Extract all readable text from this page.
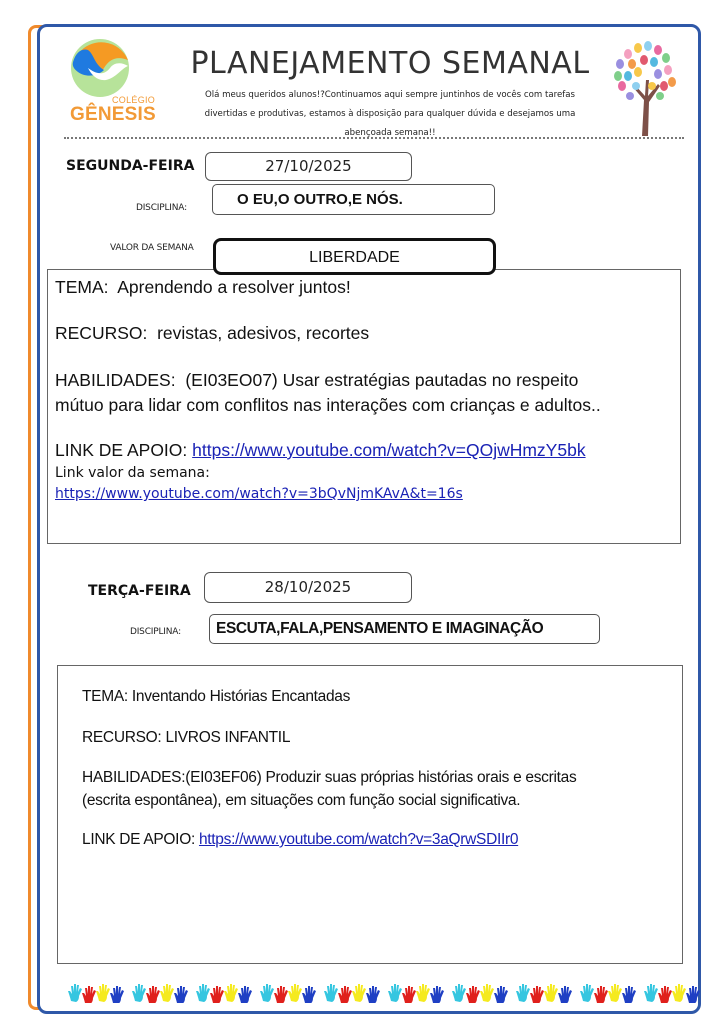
COLÉGIO
GÊNESIS
PLANEJAMENTO SEMANAL
Olá meus queridos alunos!?Continuamos aqui sempre juntinhos de vocês com tarefas
divertidas e produtivas, estamos à disposição para qualquer dúvida e desejamos uma
abençoada semana!!
SEGUNDA-FEIRA	27/10/2025
DISCIPLINA:	O EU,O OUTRO,E NÓS.
VALOR DA SEMANA
LIBERDADE
TEMA: Aprendendo a resolver juntos!
RECURSO: revistas, adesivos, recortes
HABILIDADES: (EI03EO07) Usar estratégias pautadas no respeito
mútuo para lidar com conflitos nas interações com crianças e adultos..
LINK DE APOIO: https://www.youtube.com/watch?v=QOjwHmzY5bk
Link valor da semana:
https://www.youtube.com/watch?v=3bQvNjmKAvA&t=16s
TERÇA-FEIRA	28/10/2025
DISCIPLINA:	ESCUTA,FALA,PENSAMENTO E IMAGINAÇÃO
TEMA: Inventando Histórias Encantadas
RECURSO: LIVROS INFANTIL
HABILIDADES:(EI03EF06) Produzir suas próprias histórias orais e escritas
(escrita espontânea), em situações com função social significativa.
LINK DE APOIO: https://www.youtube.com/watch?v=3aQrwSDIIr0
